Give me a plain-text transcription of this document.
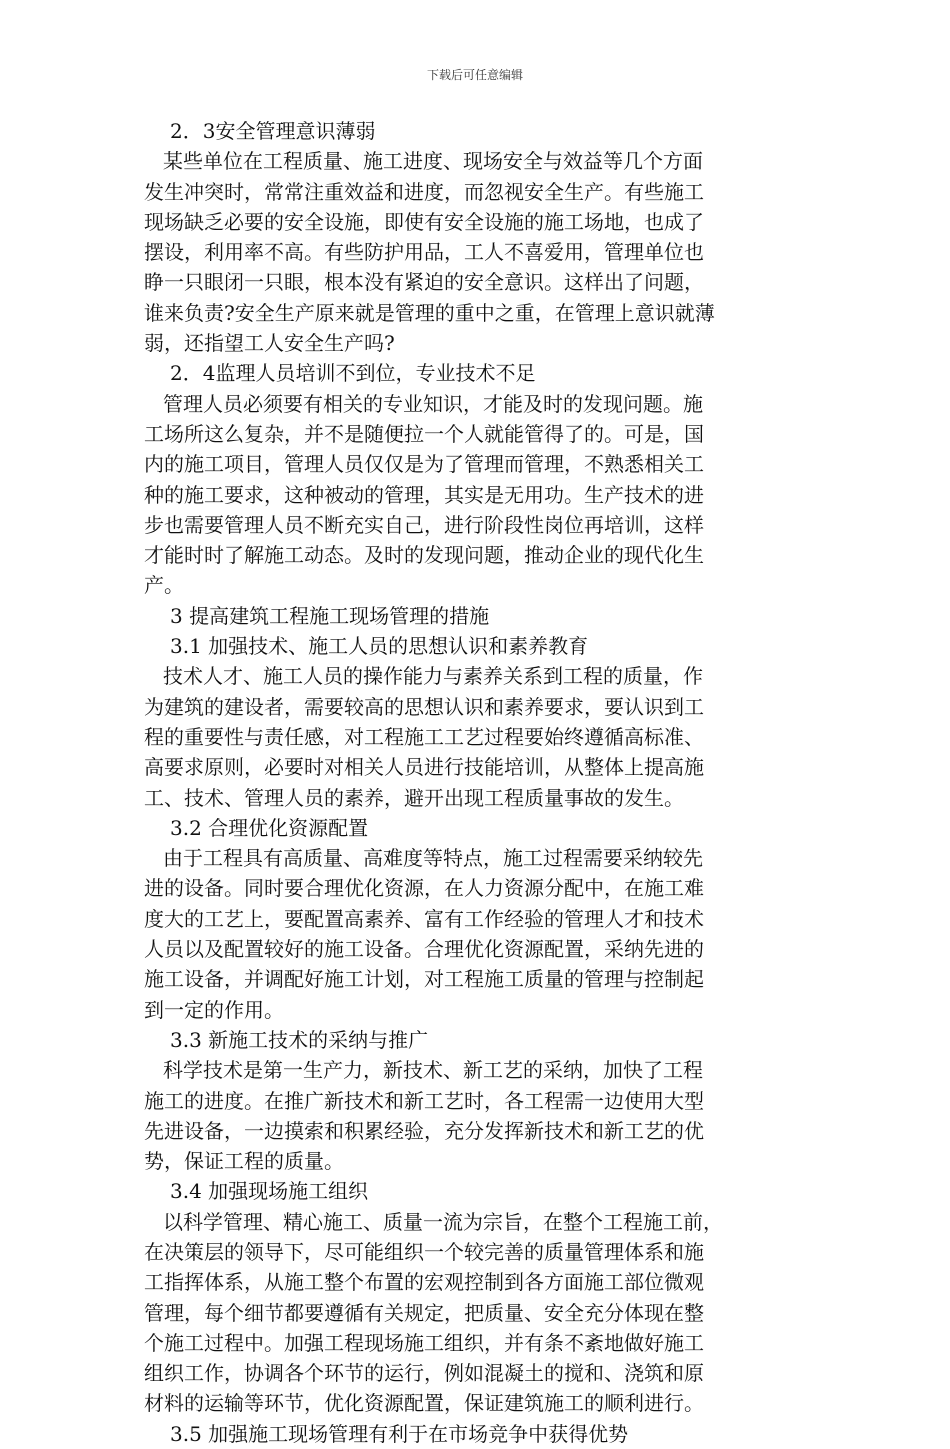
下载后可任意编辑
2．3安全管理意识薄弱
某些单位在工程质量、施工进度、现场安全与效益等几个方面
发生冲突时，常常注重效益和进度，而忽视安全生产。有些施工
现场缺乏必要的安全设施，即使有安全设施的施工场地，也成了
摆设，利用率不高。有些防护用品，工人不喜爱用，管理单位也
睁一只眼闭一只眼，根本没有紧迫的安全意识。这样出了问题，
谁来负责?安全生产原来就是管理的重中之重，在管理上意识就薄
弱，还指望工人安全生产吗?
2．4监理人员培训不到位，专业技术不足
管理人员必须要有相关的专业知识，才能及时的发现问题。施
工场所这么复杂，并不是随便拉一个人就能管得了的。可是，国
内的施工项目，管理人员仅仅是为了管理而管理，不熟悉相关工
种的施工要求，这种被动的管理，其实是无用功。生产技术的进
步也需要管理人员不断充实自己，进行阶段性岗位再培训，这样
才能时时了解施工动态。及时的发现问题，推动企业的现代化生
产。
3 提高建筑工程施工现场管理的措施
3.1 加强技术、施工人员的思想认识和素养教育
技术人才、施工人员的操作能力与素养关系到工程的质量，作
为建筑的建设者，需要较高的思想认识和素养要求，要认识到工
程的重要性与责任感，对工程施工工艺过程要始终遵循高标准、
高要求原则，必要时对相关人员进行技能培训，从整体上提高施
工、技术、管理人员的素养，避开出现工程质量事故的发生。
3.2 合理优化资源配置
由于工程具有高质量、高难度等特点，施工过程需要采纳较先
进的设备。同时要合理优化资源，在人力资源分配中，在施工难
度大的工艺上，要配置高素养、富有工作经验的管理人才和技术
人员以及配置较好的施工设备。合理优化资源配置，采纳先进的
施工设备，并调配好施工计划，对工程施工质量的管理与控制起
到一定的作用。
3.3 新施工技术的采纳与推广
科学技术是第一生产力，新技术、新工艺的采纳，加快了工程
施工的进度。在推广新技术和新工艺时，各工程需一边使用大型
先进设备，一边摸索和积累经验，充分发挥新技术和新工艺的优
势，保证工程的质量。
3.4 加强现场施工组织
以科学管理、精心施工、质量一流为宗旨，在整个工程施工前，
在决策层的领导下，尽可能组织一个较完善的质量管理体系和施
工指挥体系，从施工整个布置的宏观控制到各方面施工部位微观
管理，每个细节都要遵循有关规定，把质量、安全充分体现在整
个施工过程中。加强工程现场施工组织，并有条不紊地做好施工
组织工作，协调各个环节的运行，例如混凝土的搅和、浇筑和原
材料的运输等环节，优化资源配置，保证建筑施工的顺利进行。
3.5 加强施工现场管理有利于在市场竞争中获得优势
